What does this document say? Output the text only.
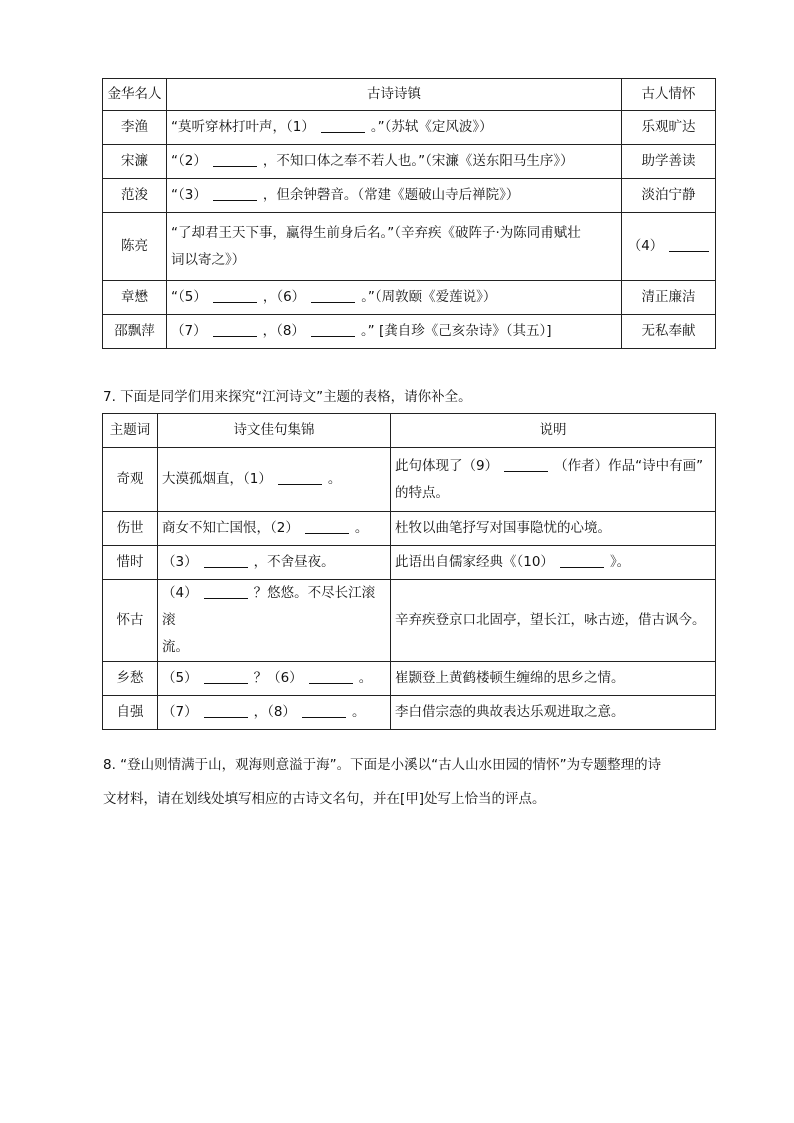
金华名人	古诗诗镇	古人情怀
李渔	“莫听穿林打叶声，（1） 。”（苏轼《定风波》）	乐观旷达
宋濂	“（2） ，不知口体之奉不若人也。”（宋濂《送东阳马生序》）	助学善读
范浚	“（3） ，但余钟磬音。（常建《题破山寺后禅院》）	淡泊宁静
陈亮	“了却君王天下事，赢得生前身后名。”（辛弃疾《破阵子·为陈同甫赋壮
词以寄之》）	（4）
章懋	“（5） ，（6） 。”（周敦颐《爱莲说》）	清正廉洁
邵飘萍	（7） ，（8） 。” [龚自珍《己亥杂诗》（其五）]	无私奉献
7. 下面是同学们用来探究“江河诗文”主题的表格，请你补全。
主题词	诗文佳句集锦	说明
奇观	大漠孤烟直，（1） 。	此句体现了（9） （作者）作品“诗中有画”
的特点。

伤世	商女不知亡国恨，（2） 。	杜牧以曲笔抒写对国事隐忧的心境。
惜时	（3） ，不舍昼夜。	此语出自儒家经典《（10） 》。
怀古	（4） ？悠悠。不尽长江滚滚
流。	辛弃疾登京口北固亭，望长江，咏古迹，借古讽今。
乡愁	（5） ？（6） 。	崔颢登上黄鹤楼顿生缠绵的思乡之情。
自强	（7） ，（8） 。	李白借宗悫的典故表达乐观进取之意。
8. “登山则情满于山，观海则意溢于海”。下面是小溪以“古人山水田园的情怀”为专题整理的诗
文材料，请在划线处填写相应的古诗文名句，并在[甲]处写上恰当的评点。
